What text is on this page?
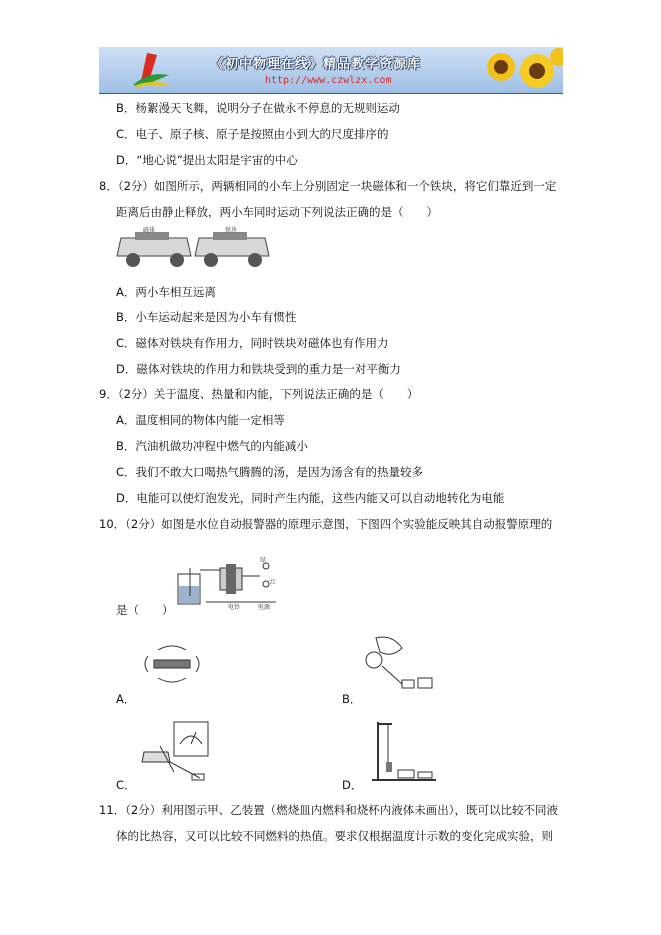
《初中物理在线》精品教学资源库
http://www.czwlzx.com
B．杨絮漫天飞舞，说明分子在做永不停息的无规则运动
C．电子、原子核、原子是按照由小到大的尺度排序的
D．“地心说”提出太阳是宇宙的中心
8．（2分）如图所示，两辆相同的小车上分别固定一块磁体和一个铁块，将它们靠近到一定
距离后由静止释放，两小车同时运动下列说法正确的是（　　）
磁体	铁块
A．两小车相互远离
B．小车运动起来是因为小车有惯性
C．磁体对铁块有作用力，同时铁块对磁体也有作用力
D．磁体对铁块的作用力和铁块受到的重力是一对平衡力
9．（2分）关于温度、热量和内能，下列说法正确的是（　　）
A．温度相同的物体内能一定相等
B．汽油机做功冲程中燃气的内能减小
C．我们不敢大口喝热气腾腾的汤，是因为汤含有的热量较多
D．电能可以使灯泡发光，同时产生内能，这些内能又可以自动地转化为电能
10．（2分）如图是水位自动报警器的原理示意图，下图四个实验能反映其自动报警原理的
绿
红
电铃	电源
是（　　）
A．	B．
C．	D．
11．（2分）利用图示甲、乙装置（燃烧皿内燃料和烧杯内液体未画出），既可以比较不同液
体的比热容，又可以比较不同燃料的热值。要求仅根据温度计示数的变化完成实验，则
